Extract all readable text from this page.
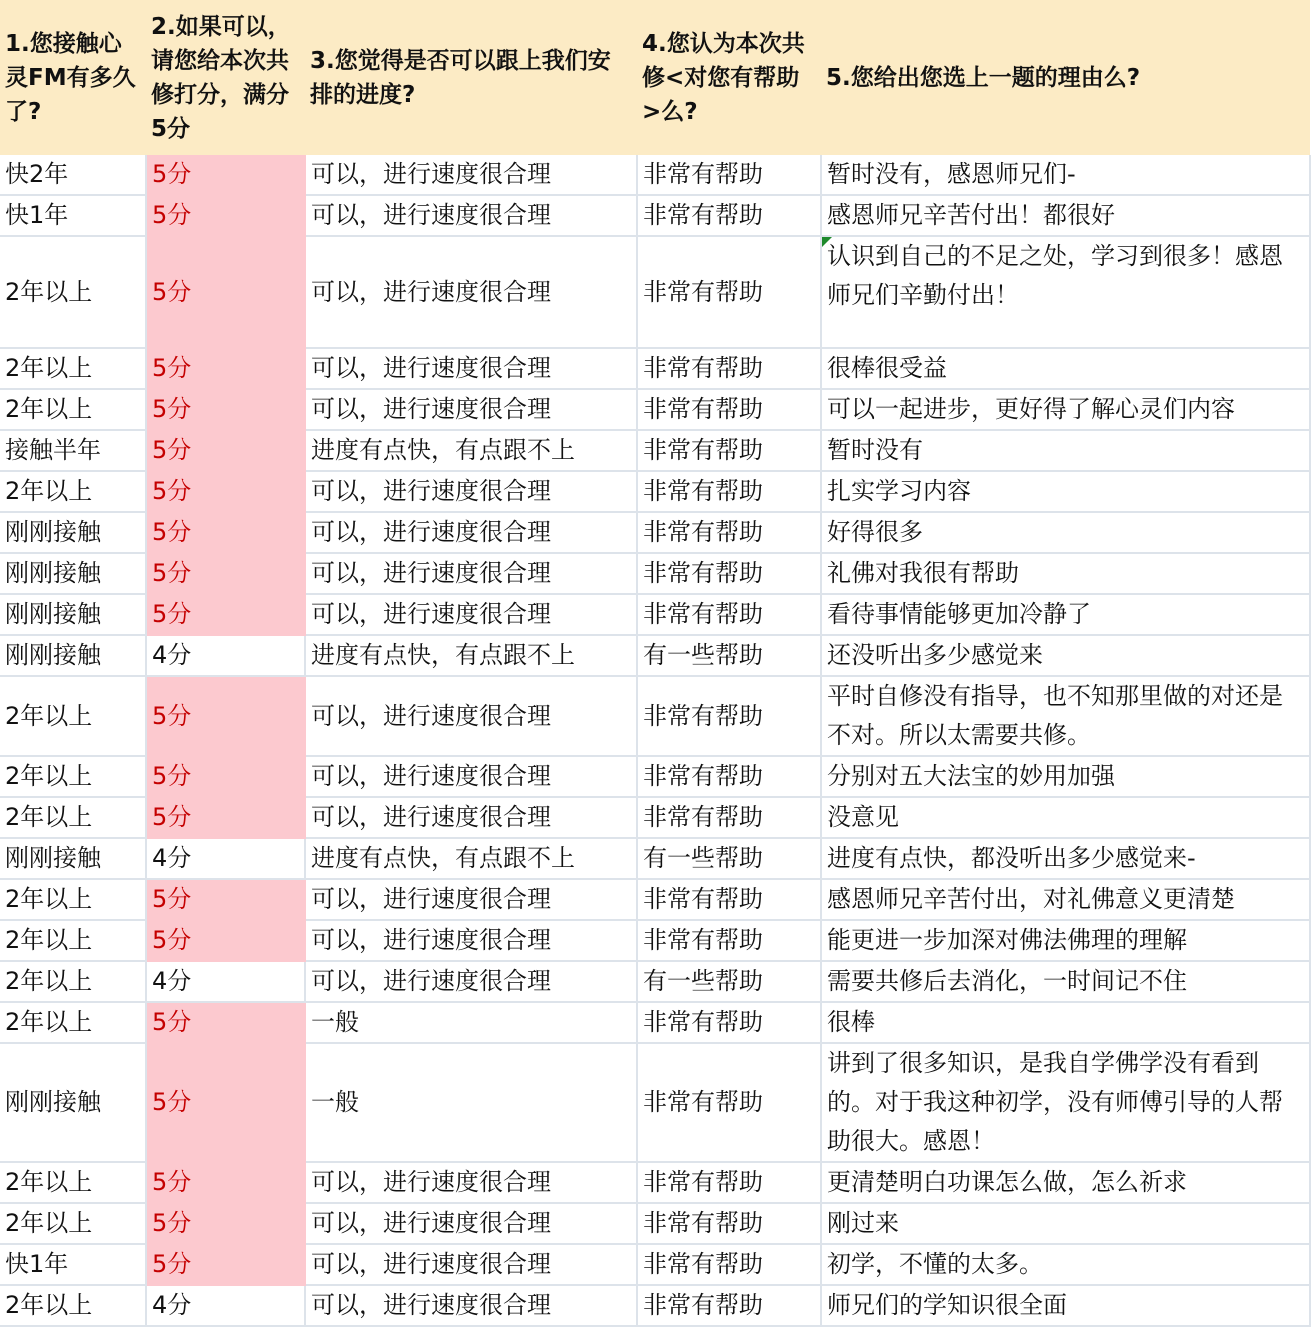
1.您接触心灵FM有多久了?	2.如果可以，请您给本次共修打分，满分5分	3.您觉得是否可以跟上我们安排的进度?	4.您认为本次共修<对您有帮助>么?	5.您给出您选上一题的理由么?
快2年	5分	可以，进行速度很合理	非常有帮助	暂时没有，感恩师兄们-
快1年	5分	可以，进行速度很合理	非常有帮助	感恩师兄辛苦付出！都很好
2年以上	5分	可以，进行速度很合理	非常有帮助	认识到自己的不足之处，学习到很多！感恩师兄们辛勤付出！

2年以上	5分	可以，进行速度很合理	非常有帮助	很棒很受益
2年以上	5分	可以，进行速度很合理	非常有帮助	可以一起进步，更好得了解心灵们内容
接触半年	5分	进度有点快，有点跟不上	非常有帮助	暂时没有
2年以上	5分	可以，进行速度很合理	非常有帮助	扎实学习内容
刚刚接触	5分	可以，进行速度很合理	非常有帮助	好得很多
刚刚接触	5分	可以，进行速度很合理	非常有帮助	礼佛对我很有帮助
刚刚接触	5分	可以，进行速度很合理	非常有帮助	看待事情能够更加冷静了
刚刚接触	4分	进度有点快，有点跟不上	有一些帮助	还没听出多少感觉来
2年以上	5分	可以，进行速度很合理	非常有帮助	平时自修没有指导，也不知那里做的对还是不对。所以太需要共修。
2年以上	5分	可以，进行速度很合理	非常有帮助	分别对五大法宝的妙用加强
2年以上	5分	可以，进行速度很合理	非常有帮助	没意见
刚刚接触	4分	进度有点快，有点跟不上	有一些帮助	进度有点快，都没听出多少感觉来-
2年以上	5分	可以，进行速度很合理	非常有帮助	感恩师兄辛苦付出，对礼佛意义更清楚
2年以上	5分	可以，进行速度很合理	非常有帮助	能更进一步加深对佛法佛理的理解
2年以上	4分	可以，进行速度很合理	有一些帮助	需要共修后去消化，一时间记不住
2年以上	5分	一般	非常有帮助	很棒
刚刚接触	5分	一般	非常有帮助	讲到了很多知识，是我自学佛学没有看到的。对于我这种初学，没有师傅引导的人帮助很大。感恩！
2年以上	5分	可以，进行速度很合理	非常有帮助	更清楚明白功课怎么做，怎么祈求
2年以上	5分	可以，进行速度很合理	非常有帮助	刚过来
快1年	5分	可以，进行速度很合理	非常有帮助	初学，不懂的太多。
2年以上	4分	可以，进行速度很合理	非常有帮助	师兄们的学知识很全面
